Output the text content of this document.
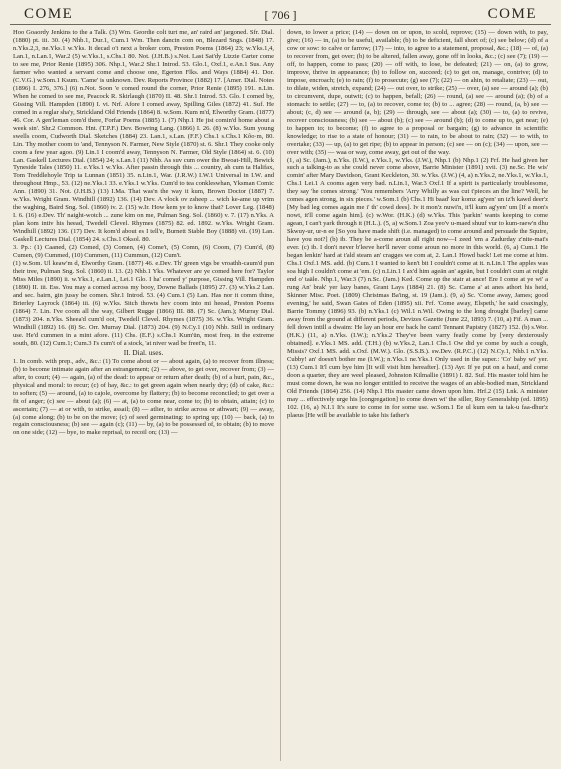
COME	[ 706 ]	COME

Hoo Goaordy Jenkins to the a Talk. (3) Wm. Geordie colt turt me, an' raird an' jargoned. Sfr. Dial. (1880) pt. iii. 30. (4) Nhb.1, Dur.1, Cum.1 Wm. Then dancin com on, Blezard Sngs. (1848) 17. n.Yks.2,3, ne.Yks.1 w.Yks. It decad o't next a broker com, Preston Poems (1864) 23; w.Yks.1,4, Lan.1, n.Lan.1, War.2 (5) w.Yks.1, s.Chs.1 80. Not. (J.H.B.) s.Not. Last Sat'dy Lizzie Carter come to see me, Prior Renie (1895) 306. Nhp.1, War.2 Shr.1 Introd. 53. Glo.1, Oxf.1, e.An.1 Sus. Any farmer who wanted a servant come and choose one, Egerton Flks. and Ways (1884) 41. Dor. (C.V.G.) w.Som.1 Ksum. 'Came' is unknown. Dev. Reports Province (1882) 17. [Amer. Dial. Notes (1896) I. 276, 376.] (6) n.Not. Soon 'e comed round the corner, Prior Renie (1895) 191. n.Lin. When he comed to see me, Peacock R. Skirlaugh (1870) II. 48. Shr.1 Introd. 53. Glo. I comed by, Gissing Vill. Hampden (1890) I. vi. Nrf. Afore I comed away, Spilling Giles (1872) 41. Suf. He comed in a reglar sha'y, Strickland Old Friends (1864) 8. w.Som. Kum m'd, Elworthy Gram. (1877) 46. Cor. A gen'leman com'd there, Forfar Poems (1885) 1. (7) Nhp.1 He jist comin'd home about a week sin'. Shr.2 Common. Hnt. (T.P.F.) Dev. Bowring Lang. (1866) I. 26. (8) w.Yks. Sum young swells coom, Cudworth Dial. Sketches (1884) 23. Lan.1, s.Lan. (F.F.) Chs.1 s.Chs.1 Kôo·m, 80. Lin. Thy mother coom to 'and, Tennyson N. Farmer, New Style (1870) st. 6. Shr.1 They cooke only coom a few year agoo. (9) Lin.1 I coom'd away, Tennyson N. Farmer, Old Style (1864) st. 6. (10) Lan. Gaskell Lectures Dial. (1854) 24; s.Lan.1 (11) Nhb. As suv cum ower the Bwoat-Hill, Bewick Tyneside Tales (1850) 11. e.Yks.1 w.Yks. After passin through this ... country, ah cum ta Halifax, Tom Treddlehoyle Trip ta Lunnan (1851) 35. n.Lin.1, War. (J.R.W.) I.W.1 Universal in I.W. and throughout Hmp., 53. (12) ne.Yks.1 33. e.Yks.1 w.Yks. Cum'd to tea conkleswhan, Yksman Comic Ann. (1890) 31. Not. (J.H.B.) (13) I.Ma. That was'n the way it kum, Brown Doctor (1887) 7. w.Yks. Wright Gram. Windhill (1892) 136. (14) Dev. A vlock ov zsheep ... wich ke-ame up vrim the waghing, Baird Sng. Sol. (1860) iv. 2. (15) w.Ir. How kem ye to know that? Lover Leg. (1848) I. 6. (16) e.Dev. Th' naight-wotch ... zune kim on me, Pulman Sng. Sol. (1860) v. 7. (17) n.Yks. A plan kom intiv his heead, Twedell Clevel. Rhymes (1875) 82. ed. 1892. w.Yks. Wright Gram. Windhill (1892) 136. (17) Dev. It kom'd about es I tell'e, Burnett Stable Boy (1888) vii. (19) Lan. Gaskell Lectures Dial. (1854) 24. s.Chs.1 Oksol. 80.

3. Pp.: (1) Caaned, (2) Comed, (3) Comen, (4) Come't, (5) Comn, (6) Coom, (7) Cum'd, (8) Cumen, (9) Cummed, (10) Cummen, (11) Cummun, (12) Cum't.

(1) w.Som. Ul keaw'm d, Elworthy Gram. (1877) 46. e.Dev. Th' green vigs be vroathh-caum'd pun their tree, Pulman Sng. Sol. (1860) ii. 13. (2) Nhb.1 Yks. Whatever are ye comed here for? Taylor Miss Miles (1890) ii. w.Yks.1, e.Lan.1, Lei.1 Glo. I ha' comed y' purpose, Gissing Vill. Hampden (1890) II. iii. Ess. You may a comed across my booy, Downe Ballads (1895) 27. (3) w.Yks.2 Lan. and sec. bairn, gin jussy be comen. Shr.1 Introd. 53. (4) Cum.1 (5) Lan. Has nor it comm thine, Brierley Layrock (1864) iii. (6) w.Yks. Sitch thowts hev coom into mi heead, Preston Poems (1864) 7. Lin. I've coom all the way, Gilbert Rugge (1866) III. 88. (7) Sc. (Jam.); Murray Dial. (1873) 204. n.Yks. Sheea'd cum'd oot, Twedell Clevel. Rhymes (1875) 36. w.Yks. Wright Gram. Windhill (1892) 16. (8) Sc. Orr. Murray Dial. (1873) 204. (9) N.Cy.1 (10) Nhb. Still in ordinary use. He'd cummen in a mint afore. (11) Chs. (E.F.) s.Chs.1 Kum'ün, most freq. in the extreme south, 80. (12) Cum.1; Cum.3 I's cum't of a stock, 'at niver wad be freet'n, 11.

II. Dial. uses.

1. In comb. with prep., adv., &c.: (1) To come about or — about again, (a) to recover from illness; (b) to become intimate again after an estrangement; (2) — above, to get over, recover from; (3) — after, to court; (4) — again, (a) of the dead: to appear or return after death; (b) of a hurt, pain, &c., physical and moral: to recur; (c) of hay, &c.: to get green again when nearly dry; (d) of cake, &c.: to soften; (5) — around, (a) to cajole, overcome by flattery; (b) to become reconciled; to get over a fit of anger; (c) see — about (a); (6) — at, (a) to come near, come to; (b) to obtain, attain; (c) to ascertain; (7) — at or with, to strike, assail; (8) — atlier, to strike across or athwart; (9) — away, (a) come along; (b) to be on the move; (c) of seed germinating: to spring up; (10) — back, (a) to regain consciousness; (b) see — again (c); (11) — by, (a) to be possessed of, to obtain; (b) to move on one side; (12) — bye, to make reprisal, to recoil on; (13) —

down, to lower a price; (14) — down on or upon, to scold, reprove; (15) — down with, to pay, give; (16) — in, (a) to be useful, available; (b) to be deficient, fall short of; (c) see below; (d) of a cow or sow: to calve or farrow; (17) — into, to agree to a statement, proposal, &c.; (18) — of, (a) to recover from, get over; (b) to be altered, fallen away, gone off in looks, &c.; (c) see (7); (19) — off, to happen, come to pass; (20) — off with, to lose, be defeated; (21) — on, (a) to grow, improve, thrive in appearance; (b) to follow on, succeed; (c) to get on, manage, contrive; (d) to impose, encroach; (e) to rain; (f) to prosecute; (g) see (7); (22) — on ahin, to retaliate; (23) — out, to dilate, widen, stretch, expand; (24) — out over, to strike; (25) — over, (a) see — around (a); (b) to circumvent, dupe, outwit; (c) to happen, befall; (26) — round, (a) see — around (a); (b) of a stomach: to settle; (27) — to, (a) to recover, come to; (b) to ... agree; (28) — round, (a, b) see — about; (c, d) see — around (a, b); (29) — through, see — about (a); (30) — to, (a) to revive, recover consciousness; (b) see — about (b); (c) see — around (b); (d) to come up to, get near; (e) to happen to; to become; (f) to agree to a proposal or bargain; (g) to advance in scientific knowledge; to rise to a state of honour; (31) — to rain, to be about to rain; (32) — to with, to overtake; (33) — up, (a) to get ripe; (b) to appear in person; (c) see — on (c); (34) — upon, see — over with; (35) — waa or way, come away, get out of the way.

(1, a) Sc. (Jam.), n.Yks. (I.W.), e.Yks.1, w.Yks. (J.W.), Nhp.1 (b) Nhp.1 (2) Frf. He had given her such a talking-to as she could never come above, Barrie Minister (1891) xvii. (3) ne.Sc. He wis' comin' after Mary Davidson, Grant Keckleton, 30. w.Yks. (J.W.) (4, a) n.Yks.2, ne.Yks.1, w.Yks.1, Chs.1 Lei.1 A cooms agen very bad. n.Lin.1, War.3 Oxf.1 If a spirit is particularly troublesome, they say 'he comes strong.' 'You remembers 'Arry Whilly as was cut t'pieces an the line? Well, he comes agen strong, in six pieces.' w.Som.1 (b) Chs.1 Hi baad' kur komz ag'yen' un iz'h kawd deer'z [My bad leg comes again me i' th' cowd dees]. Iv it mon'z nuwi'n, it'll kum ag'yen' um [If a mon's nowt, it'll come again him]. (c) w.Wor. (H.K.) (d) w.Yks. This 'parkin' wants keeping to come agean, I can't yark through it (H.L.). (5, a) w.Som.1 Zoa yeo'v u-maed shuuf vur to kum-raew'n dhu Skwuy-ur, ur-n ee [So you have made shift (i.e. managed) to come around and persuade the Squire, have you not?] (b) ib. They be a-come aroun all right now—I zeed 'em a Zadurday z'nite-mat's ever. (c) ib. I don't never b'leeve her'll never come aroun no more in this world. (6, a) Cum.1 He began lenkin' hard at t'ald steam an' cragges we com at, 2. Lan.1 Howd back! Let me come at him. Chs.1 Oxf.1 MS. add. (b) Cum.1 I wanted to ken't bit I couldn't come at it. n.Lin.1 The apples was soa high I couldn't come at 'em. (c) n.Lin.1 I ax'd him ageän an' ageän, but I couldn't cum at reight end o' taäle. Nhp.1, War.3 (7) n.Sc. (Jam.) Ked. Come up the stair at ance! Ere I come at ye wi' a rung An' brak' yer lazy banes, Grant Lays (1884) 21. (8) Sc. Came a' at anes athort his heid, Skinner Misc. Poet. (1809) Christmas Ba'ing, st. 19 (Jam.). (9, a) Sc. 'Come away, James; good evening,' he said, Swan Gates of Eden (1895) xii. Frf. 'Come away, Elspeth,' he said coaxingly, Barrie Tommy (1896) 93. (b) n.Yks.1 (c) Wil.1 n.Wil. Owing to the long drought [barley] came away from the ground at different periods, Devizes Gazette (June 22, 1893) 7. (10, a) Fif. A man ... fell down intill a dwaim: He lay an hour ere back he cam! Tennant Papistry (1827) 152. (b) s.Wor. (H.K.) (11, a) n.Yks. (I.W.); n.Yks.2 They've been varry featly come by [very dexterously obtained]. e.Yks.1 MS. add. (T.H.) (b) w.Yks.2, Lan.1 Chs.1 Ow did ye come by such a cough, Missis? Oxf.1 MS. add. s.Oxf. (M.W.). Glo. (S.S.B.). sw.Dev. (R.P.C.) (12) N.Cy.1, Nhb.1 n.Yks. Cubby! an' doesn't bother me (I.W.); n.Yks.1 ne.Yks.1 Only used in the super.: 'Co' baby wi' yer. (13) Cum.1 It'l cum bye him [It will visit him hereafter]. (13) Ayr. If ye put on a hauf, and come doon a quarter, they are weel pleased, Johnston Kilmallie (1891) I. 82. Suf. His master told him he must come down, he was no longer entitled to receive the wages of an able-bodied man, Strickland Old Friends (1864) 256. (14) Nhp.1 His master came down upon him. Hrf.2 (15) Lnk. A minister may ... effectively urge his [congregation] to come down wi' the siller, Roy Generalship (ed. 1895) 102. (16, a) N.I.1 It's sure to come in for some use. w.Som.1 Ee ul kum een ta tak-u faa-dhur'z plaeus [He will be available to take his father's
